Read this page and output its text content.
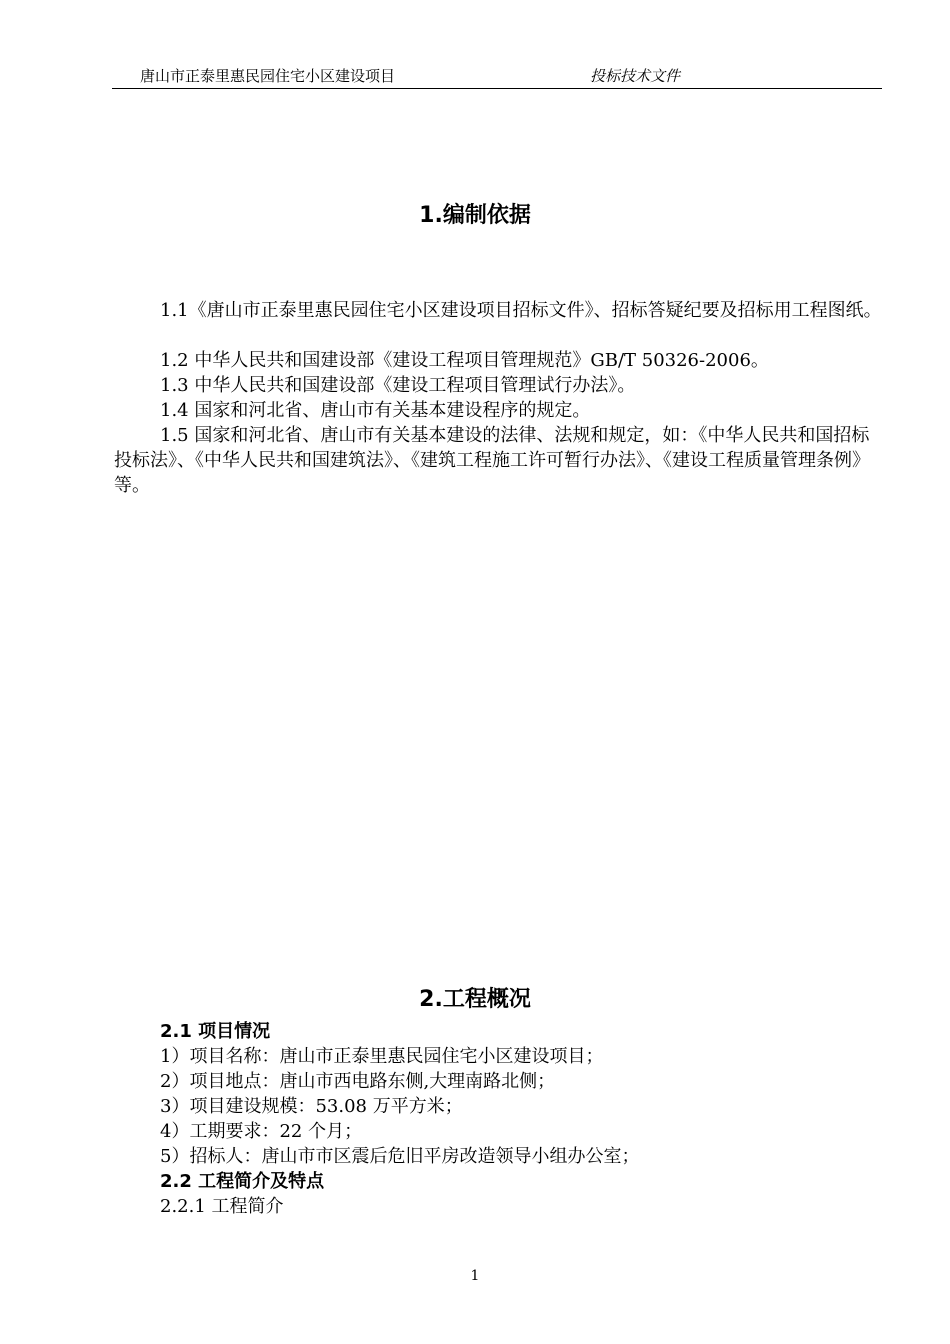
唐山市正泰里惠民园住宅小区建设项目	投标技术文件
1.编制依据
1.1《唐山市正泰里惠民园住宅小区建设项目招标文件》、招标答疑纪要及招标用工程图纸。
1.2 中华人民共和国建设部《建设工程项目管理规范》GB/T 50326-2006。
1.3 中华人民共和国建设部《建设工程项目管理试行办法》。
1.4 国家和河北省、唐山市有关基本建设程序的规定。
1.5 国家和河北省、唐山市有关基本建设的法律、法规和规定，如：《中华人民共和国招标投标法》、《中华人民共和国建筑法》、《建筑工程施工许可暂行办法》、《建设工程质量管理条例》等。
2.工程概况
2.1 项目情况
1）项目名称：唐山市正泰里惠民园住宅小区建设项目；
2）项目地点：唐山市西电路东侧,大理南路北侧；
3）项目建设规模：53.08 万平方米；
4）工期要求：22 个月；
5）招标人：唐山市市区震后危旧平房改造领导小组办公室；
2.2 工程简介及特点
2.2.1 工程简介
1
